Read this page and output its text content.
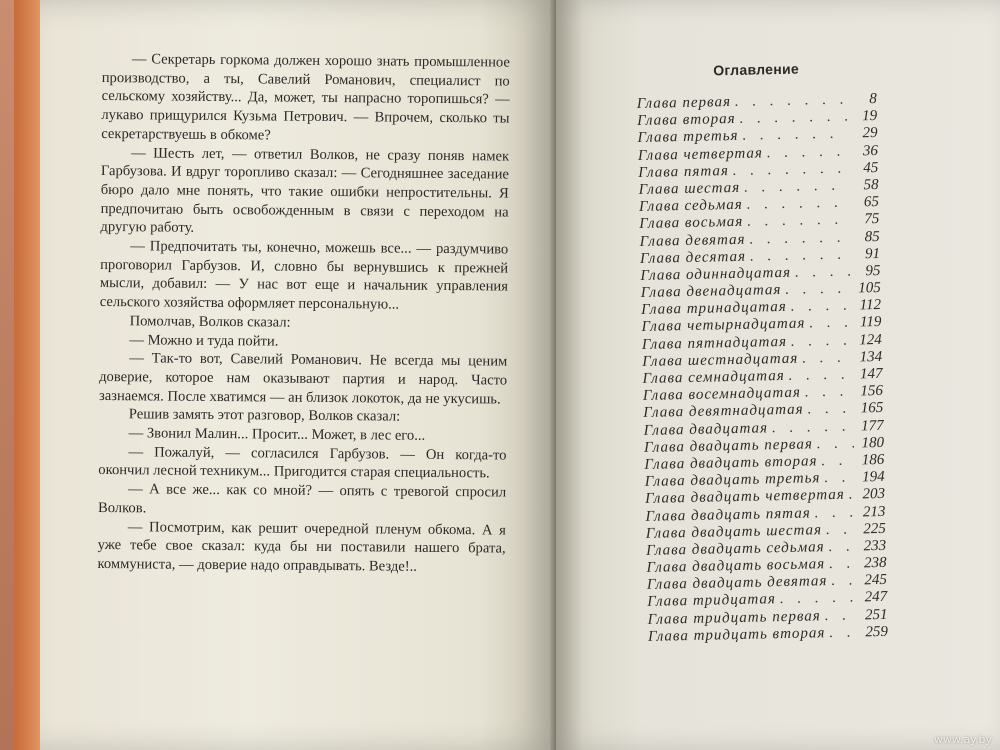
— Секретарь горкома должен хорошо знать промышленное производство, а ты, Савелий Романович, специалист по сельскому хозяйству... Да, может, ты напрасно торопишься? — лукаво прищурился Кузьма Петрович. — Впрочем, сколько ты секретарствуешь в обкоме?

— Шесть лет, — ответил Волков, не сразу поняв намек Гарбузова. И вдруг торопливо сказал: — Сегодняшнее заседание бюро дало мне понять, что такие ошибки непростительны. Я предпочитаю быть освобожденным в связи с переходом на другую работу.

— Предпочитать ты, конечно, можешь все... — раздумчиво проговорил Гарбузов. И, словно бы вернувшись к прежней мысли, добавил: — У нас вот еще и начальник управления сельского хозяйства оформляет персональную...

Помолчав, Волков сказал:

— Можно и туда пойти.

— Так-то вот, Савелий Романович. Не всегда мы ценим доверие, которое нам оказывают партия и народ. Часто зазнаемся. После хватимся — ан близок локоток, да не укусишь.

Решив замять этот разговор, Волков сказал:

— Звонил Малин... Просит... Может, в лес его...

— Пожалуй, — согласился Гарбузов. — Он когда-то окончил лесной техникум... Пригодится старая специальность.

— А все же... как со мной? — опять с тревогой спросил Волков.

— Посмотрим, как решит очередной пленум обкома. А я уже тебе свое сказал: куда бы ни поставили нашего брата, коммуниста, — доверие надо оправдывать. Везде!..

Оглавление
Глава первая . . .	8
Глава вторая . . .	19
Глава третья . . .	29
Глава четвертая . . .	36
Глава пятая . . .	45
Глава шестая . . .	58
Глава седьмая . . .	65
Глава восьмая . . .	75
Глава девятая . . .	85
Глава десятая . . .	91
Глава одиннадцатая . . .	95
Глава двенадцатая . . .	105
Глава тринадцатая . . .	112
Глава четырнадцатая . . .	119
Глава пятнадцатая . . .	124
Глава шестнадцатая . . .	134
Глава семнадцатая . . .	147
Глава восемнадцатая . . .	156
Глава девятнадцатая . . .	165
Глава двадцатая . . .	177
Глава двадцать первая . . .	180
Глава двадцать вторая . . .	186
Глава двадцать третья . . .	194
Глава двадцать четвертая . . . 203
Глава двадцать пятая . . .	213
Глава двадцать шестая . . .	225
Глава двадцать седьмая . . .	233
Глава двадцать восьмая . . .	238
Глава двадцать девятая . . . 245
Глава тридцатая . . .	247
Глава тридцать первая . . .	251
Глава тридцать вторая . . .	259
www.ay.by
